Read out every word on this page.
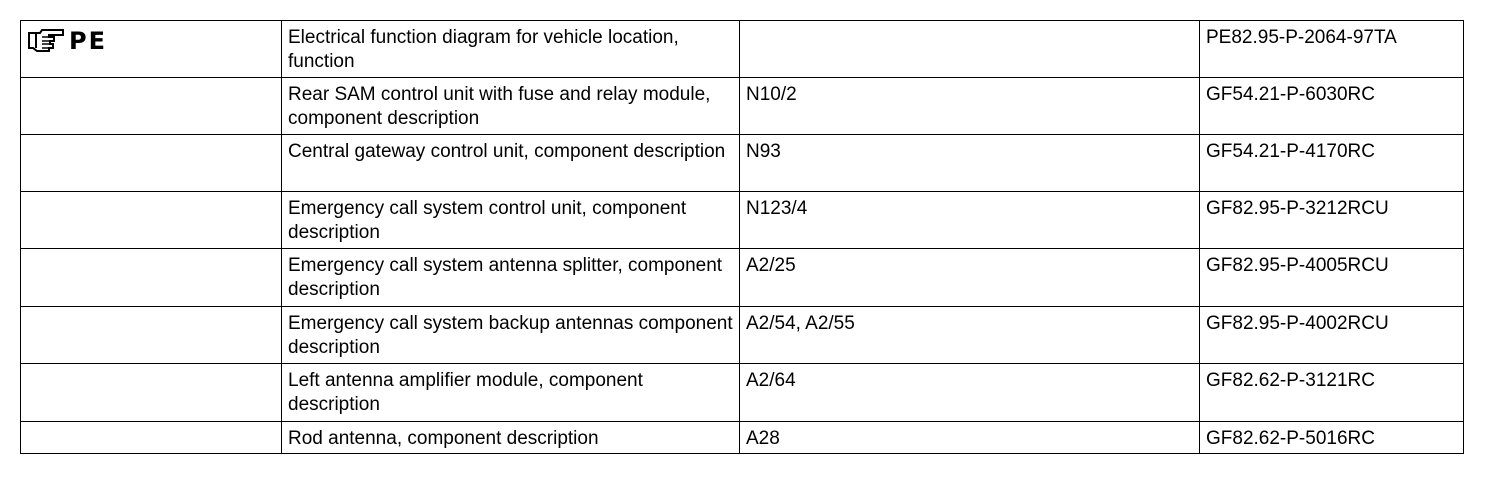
PE	Electrical function diagram for vehicle location, function		PE82.95-P-2064-97TA
	Rear SAM control unit with fuse and relay module, component description	N10/2	GF54.21-P-6030RC
	Central gateway control unit, component description	N93	GF54.21-P-4170RC
	Emergency call system control unit, component description	N123/4	GF82.95-P-3212RCU
	Emergency call system antenna splitter, component description	A2/25	GF82.95-P-4005RCU
	Emergency call system backup antennas component description	A2/54, A2/55	GF82.95-P-4002RCU
	Left antenna amplifier module, component description	A2/64	GF82.62-P-3121RC
	Rod antenna, component description	A28	GF82.62-P-5016RC
